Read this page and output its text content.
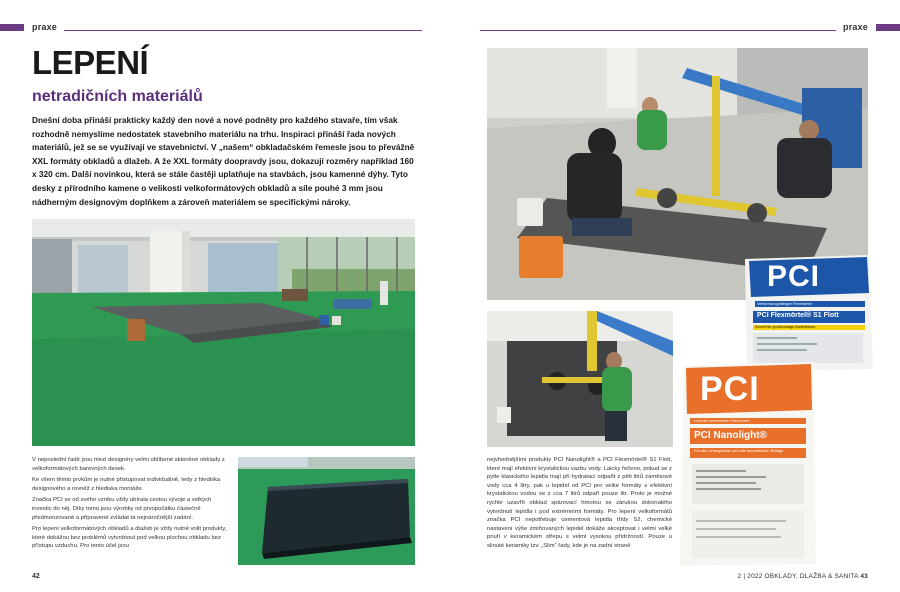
praxe	praxe
LEPENÍ
netradičních materiálů
Dnešní doba přináší prakticky každý den nové a nové podněty pro každého stavaře, tím však rozhodně nemyslíme nedostatek stavebního materiálu na trhu. Inspiraci přináší řada nových materiálů, jež se se využívají ve stavebnictví. V „našem“ obkladačském řemesle jsou to převážně XXL formáty obkladů a dlažeb. A že XXL formáty doopravdy jsou, dokazují rozměry například 160 x 320 cm. Další novinkou, která se stále častěji uplatňuje na stavbách, jsou kamenné dýhy. Tyto desky z přírodního kamene o velikosti velkoformátových obkladů a síle pouhé 3 mm jsou nádherným designovým doplňkem a zároveň materiálem se specifickými nároky.

V neposlední řadě jsou mezi designéry velmi oblíbené skleněné obklady z velkoformátových barevných desek.

Ke všem těmto prvkům je nutné přistupovat individuálně, tedy z hlediska designového a rovněž z hlediska montáže.

Značka PCI se od svého vzniku vždy ubírala cestou vývoje a velkých investic do něj. Díky tomu jsou výrobky od prvopočátku částečně předmenzované a připravené zvládat ta nejnáročnější zadání.

Pro lepení velkoformátových obkladů a dlažeb je vždy nutné volit produkty, které dokážou bez problémů vytvrdnout pod velkou plochou obkladu bez přístupu vzduchu. Pro tento účel jsou

PCI
Verformungsfähiger Flexmörtel
PCI Flexmörtel® S1 Flott
Schnell für großformatige Bodenfliesen
PCI
Leichter zementärer Flexmörtel
PCI Nanolight®
Für alle Untergründe und alle keramischen Beläge

nejvhodnějšími produkty PCI Nanolight® a PCI Flexmörtel® S1 Flott, které mají efektivní krystalickou vazbu vody. Laicky řečeno, pokud se z pytle klasického lepidla mají při hydrataci odpařit z pěti litrů záměsové vody cca 4 litry, pak u lepidel od PCI pro velké formáty s efektivní krystalickou vodou se z cca 7 litrů odpaří pouze litr. Proto je možné rychle uzavřít obklad spárovací hmotou se zárukou dokonalého vytvrdnutí lepidla i pod extrémními formáty. Pro lepení velkoformátů značka PCI nepotřebuje cementová lepidla třídy S2, chemické nastavení výše zmiňovaných lepidel dokáže akceptovat i velmi velké pnutí v keramickém střepu s velmi vysokou přídržností. Pouze u slinuté keramiky tzv. „Slim“ řady, kde je na zadní straně

42	2 | 2022 OBKLADY, DLAŽBA & SANITA 43
